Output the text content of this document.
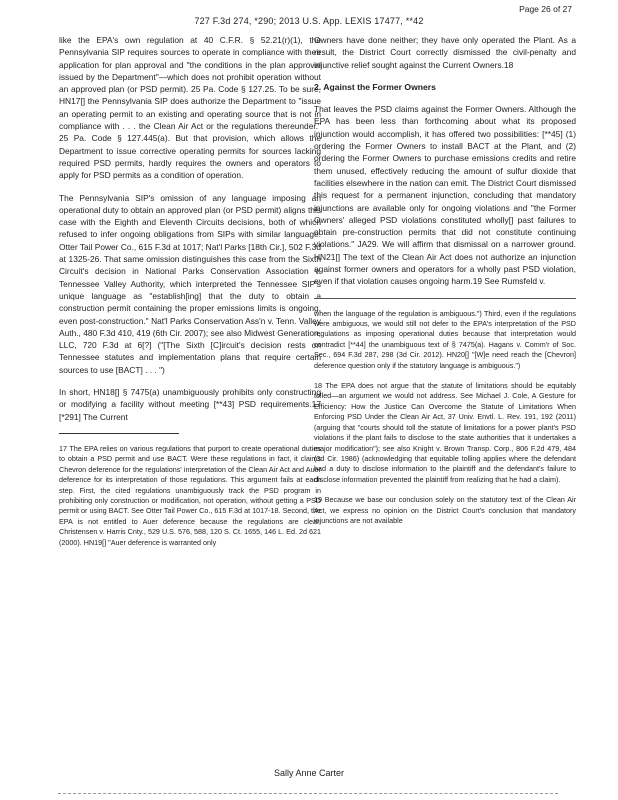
Page 26 of 27
727 F.3d 274, *290; 2013 U.S. App. LEXIS 17477, **42

like the EPA's own regulation at 40 C.F.R. § 52.21(r)(1), the Pennsylvania SIP requires sources to operate in compliance with their application for plan approval and "the conditions in the plan approval issued by the Department"—which does not prohibit operation without an approved plan (or PSD permit). 25 Pa. Code § 127.25. To be sure, HN17[] the Pennsylvania SIP does authorize the Department to "issue an operating permit to an existing and operating source that is not in compliance with . . . the Clean Air Act or the regulations thereunder." 25 Pa. Code § 127.445(a). But that provision, which allows the Department to issue corrective operating permits for sources lacking required PSD permits, hardly requires the owners and operators to apply for PSD permits as a condition of operation.

The Pennsylvania SIP's omission of any language imposing an operational duty to obtain an approved plan (or PSD permit) aligns this case with the Eighth and Eleventh Circuits decisions, both of which refused to infer ongoing obligations from SIPs with similar language. Otter Tail Power Co., 615 F.3d at 1017; Nat'l Parks [18th Cir.], 502 F.3d at 1325-26. That same omission distinguishes this case from the Sixth Circuit's decision in National Parks Conservation Association v. Tennessee Valley Authority, which interpreted the Tennessee SIP's unique language as "establish[ing] that the duty to obtain a construction permit containing the proper emissions limits is ongoing, even post-construction." Nat'l Parks Conservation Ass'n v. Tenn. Valley Auth., 480 F.3d 410, 419 (6th Cir. 2007); see also Midwest Generation, LLC, 720 F.3d at 6[?] ("[The Sixth [C]ircuit's decision rests on Tennessee statutes and implementation plans that require certain sources to use [BACT] . . . ")

In short, HN18[] § 7475(a) unambiguously prohibits only constructing or modifying a facility without meeting [**43] PSD requirements.17 [*291] The Current

17 The EPA relies on various regulations that purport to create operational duties to obtain a PSD permit and use BACT. Were these regulations in fact, it claims Chevron deference for the regulations' interpretation of the Clean Air Act and Auer deference for its interpretation of those regulations. This argument fails at each step. First, the cited regulations unambiguously track the PSD program in prohibiting only construction or modification, not operation, without getting a PSD permit or using BACT. See Otter Tail Power Co., 615 F.3d at 1017-18. Second, the EPA is not entitled to Auer deference because the regulations are clear. Christensen v. Harris Cnty., 529 U.S. 576, 588, 120 S. Ct. 1655, 146 L. Ed. 2d 621 (2000). HN19[] "Auer deference is warranted only

Owners have done neither; they have only operated the Plant. As a result, the District Court correctly dismissed the civil-penalty and injunctive relief sought against the Current Owners.18

2. Against the Former Owners

That leaves the PSD claims against the Former Owners. Although the EPA has been less than forthcoming about what its proposed injunction would accomplish, it has offered two possibilities: [**45] (1) ordering the Former Owners to install BACT at the Plant, and (2) ordering the Former Owners to purchase emissions credits and retire them unused, effectively reducing the amount of sulfur dioxide that facilities elsewhere in the nation can emit. The District Court dismissed this request for a permanent injunction, concluding that mandatory injunctions are available only for ongoing violations and "the Former Owners' alleged PSD violations constituted wholly[] past failures to obtain pre-construction permits that did not constitute continuing violations." JA29. We will affirm that dismissal on a narrower ground. HN21[] The text of the Clean Air Act does not authorize an injunction against former owners and operators for a wholly past PSD violation, even if that violation causes ongoing harm.19 See Rumsfeld v.

when the language of the regulation is ambiguous.") Third, even if the regulations were ambiguous, we would still not defer to the EPA's interpretation of the PSD regulations as imposing operational duties because that interpretation would contradict [**44] the unambiguous text of § 7475(a). Hagans v. Comm'r of Soc. Sec., 694 F.3d 287, 298 (3d Cir. 2012). HN20[] "[W]e need reach the [Chevron] deference question only if the statutory language is ambiguous.")

18 The EPA does not argue that the statute of limitations should be equitably tolled—an argument we would not address. See Michael J. Cole, A Gesture for Efficiency: How the Justice Can Overcome the Statute of Limitations When Enforcing PSD Under the Clean Air Act, 37 Univ. Envtl. L. Rev. 191, 192 (2011) (arguing that "courts should toll the statute of limitations for a power plant's PSD violations if the plant fails to disclose to the state authorities that it undertakes a major modification"); see also Knight v. Brown Transp. Corp., 806 F.2d 479, 484 (3d Cir. 1986) (acknowledging that equitable tolling applies where the defendant had a duty to disclose information to the plaintiff and the defendant's failure to disclose information prevented the plaintiff from realizing that he had a claim).

19 Because we base our conclusion solely on the statutory text of the Clean Air Act, we express no opinion on the District Court's conclusion that mandatory injunctions are not available

Sally Anne Carter
